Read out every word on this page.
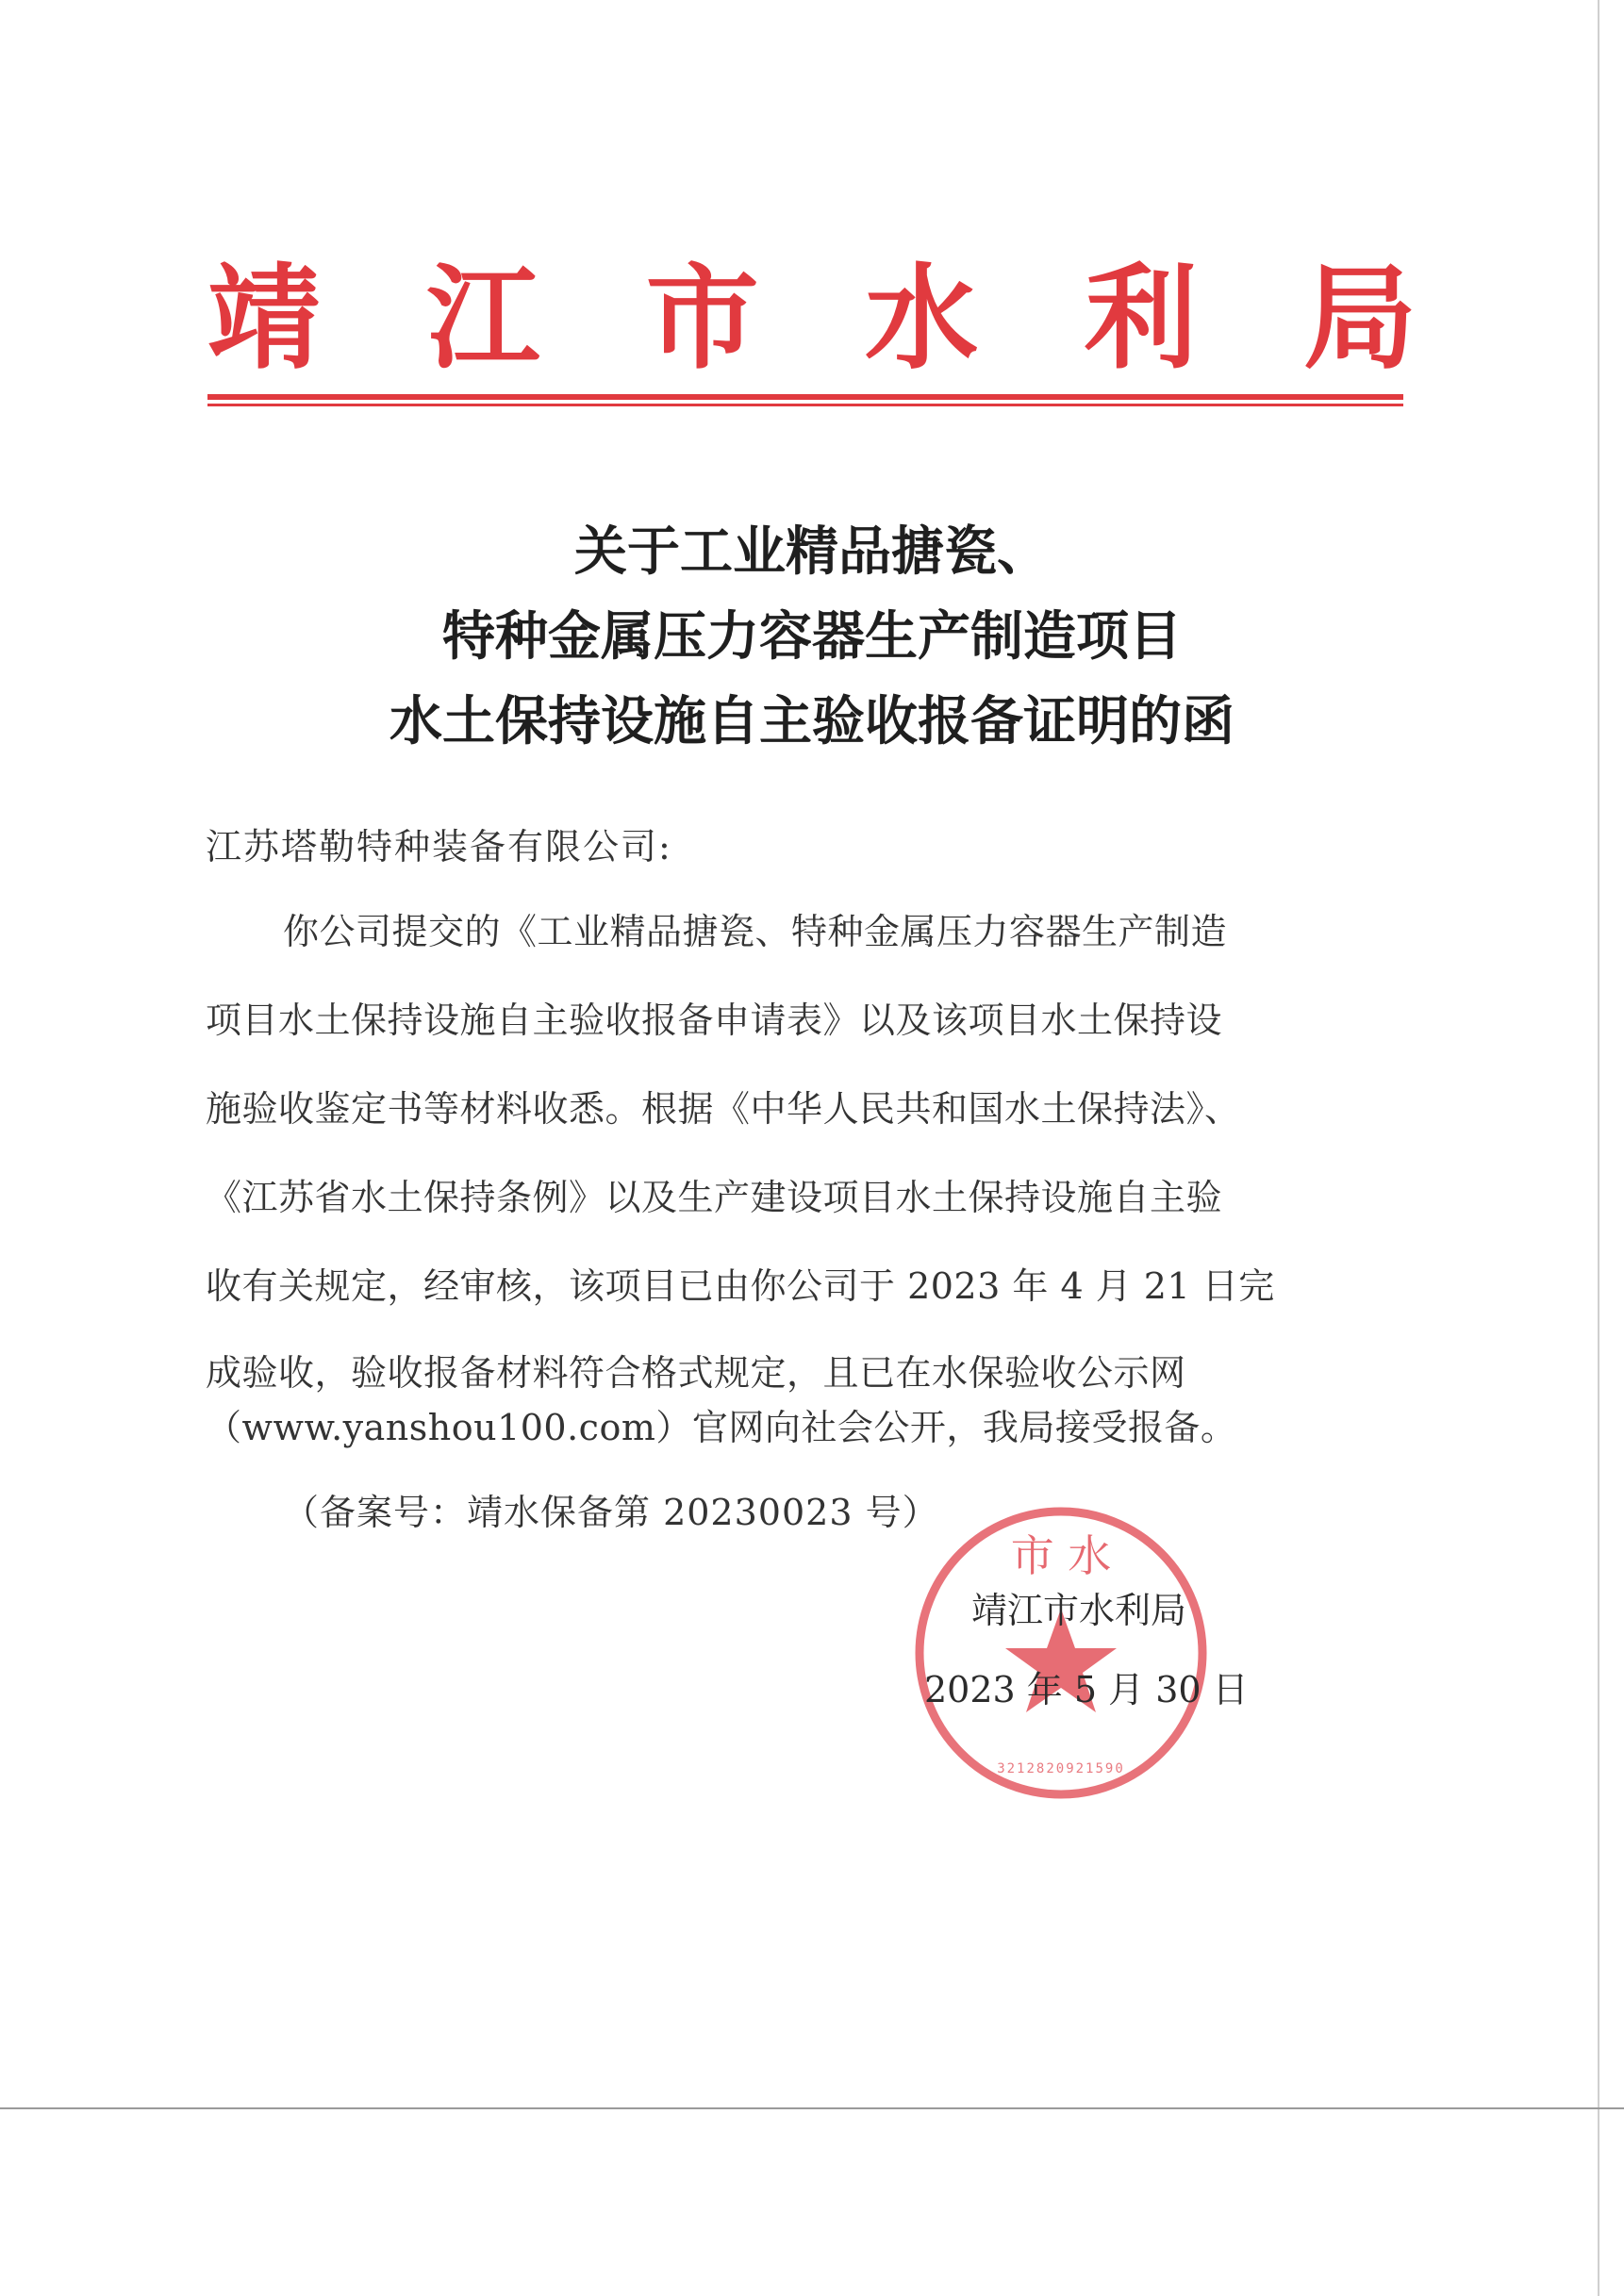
靖 江 市 水 利 局
关于工业精品搪瓷、
特种金属压力容器生产制造项目
水土保持设施自主验收报备证明的函
江苏塔勒特种装备有限公司:
你公司提交的《工业精品搪瓷、特种金属压力容器生产制造
项目水土保持设施自主验收报备申请表》以及该项目水土保持设
施验收鉴定书等材料收悉。根据《中华人民共和国水土保持法》、
《江苏省水土保持条例》以及生产建设项目水土保持设施自主验
收有关规定，经审核，该项目已由你公司于 2023 年 4 月 21 日完
成验收，验收报备材料符合格式规定，且已在水保验收公示网
（www.yanshou100.com）官网向社会公开，我局接受报备。
（备案号：靖水保备第 20230023 号）
市 水
3212820921590
靖江市水利局
2023 年 5 月 30 日
